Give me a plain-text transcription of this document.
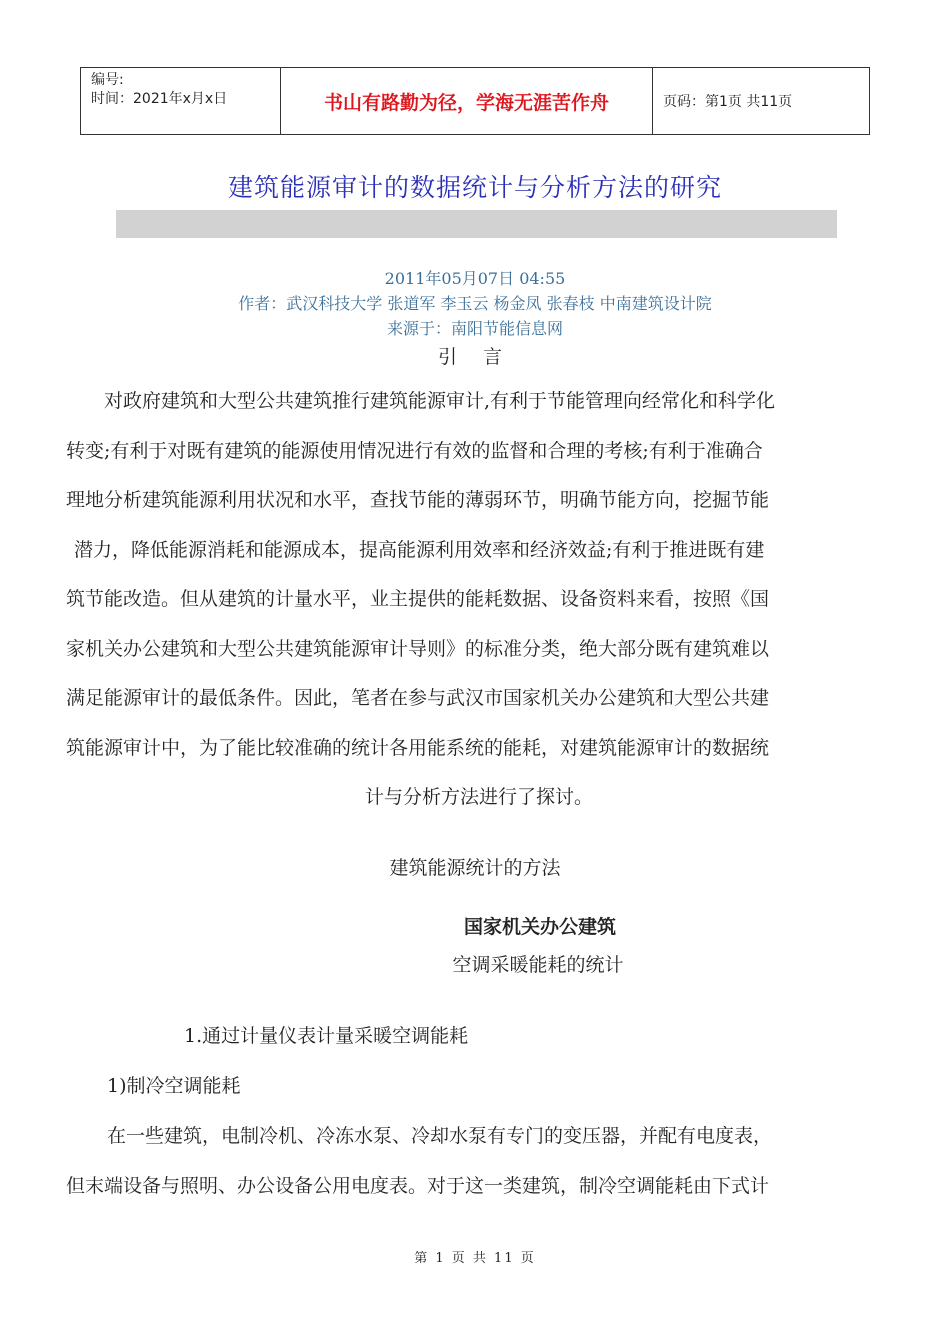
编号:
时间：2021年x月x日	书山有路勤为径，学海无涯苦作舟	页码：第1页 共11页
建筑能源审计的数据统计与分析方法的研究
2011年05月07日 04:55
作者：武汉科技大学 张道军 李玉云 杨金凤 张春枝 中南建筑设计院
来源于：南阳节能信息网
引 言
对政府建筑和大型公共建筑推行建筑能源审计,有利于节能管理向经常化和科学化
转变;有利于对既有建筑的能源使用情况进行有效的监督和合理的考核;有利于准确合
理地分析建筑能源利用状况和水平，查找节能的薄弱环节，明确节能方向，挖掘节能
潜力，降低能源消耗和能源成本，提高能源利用效率和经济效益;有利于推进既有建
筑节能改造。但从建筑的计量水平，业主提供的能耗数据、设备资料来看，按照《国
家机关办公建筑和大型公共建筑能源审计导则》的标准分类，绝大部分既有建筑难以
满足能源审计的最低条件。因此，笔者在参与武汉市国家机关办公建筑和大型公共建
筑能源审计中，为了能比较准确的统计各用能系统的能耗，对建筑能源审计的数据统
计与分析方法进行了探讨。
建筑能源统计的方法
国家机关办公建筑
空调采暖能耗的统计
1.通过计量仪表计量采暖空调能耗
1)制冷空调能耗
在一些建筑，电制冷机、冷冻水泵、冷却水泵有专门的变压器，并配有电度表，
但末端设备与照明、办公设备公用电度表。对于这一类建筑，制冷空调能耗由下式计
第 1 页 共 11 页
